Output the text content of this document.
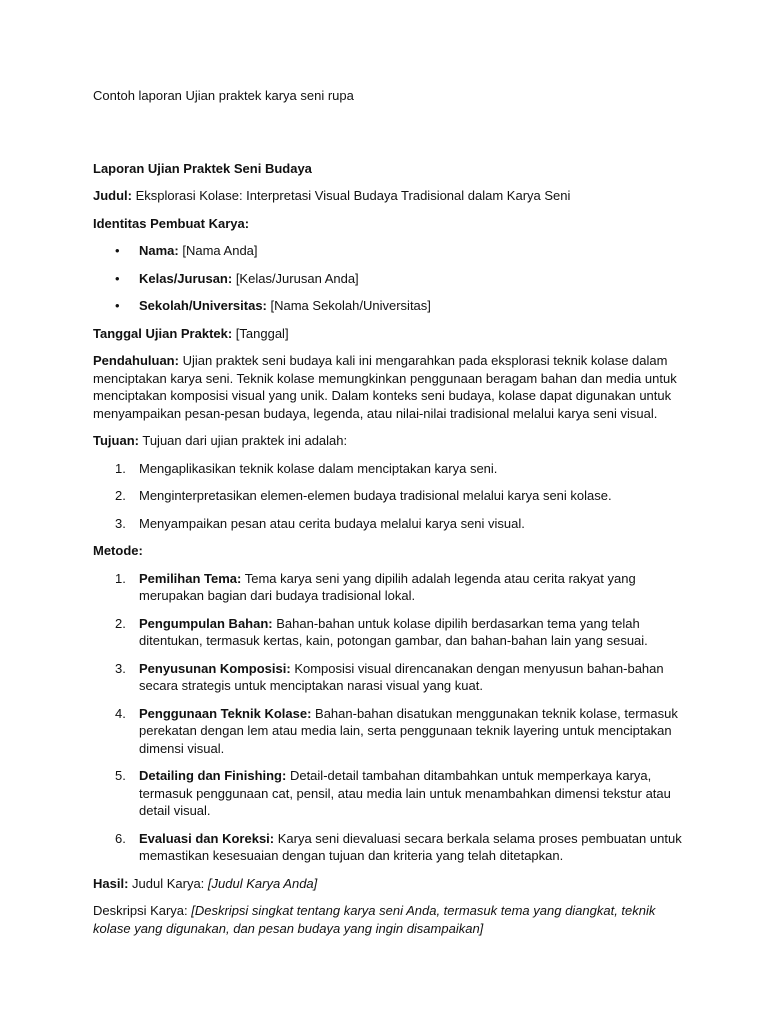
Contoh laporan Ujian praktek karya seni rupa

Laporan Ujian Praktek Seni Budaya

Judul: Eksplorasi Kolase: Interpretasi Visual Budaya Tradisional dalam Karya Seni

Identitas Pembuat Karya:

• Nama: [Nama Anda]
• Kelas/Jurusan: [Kelas/Jurusan Anda]
• Sekolah/Universitas: [Nama Sekolah/Universitas]

Tanggal Ujian Praktek: [Tanggal]

Pendahuluan: Ujian praktek seni budaya kali ini mengarahkan pada eksplorasi teknik kolase dalam menciptakan karya seni. Teknik kolase memungkinkan penggunaan beragam bahan dan media untuk menciptakan komposisi visual yang unik. Dalam konteks seni budaya, kolase dapat digunakan untuk menyampaikan pesan-pesan budaya, legenda, atau nilai-nilai tradisional melalui karya seni visual.

Tujuan: Tujuan dari ujian praktek ini adalah:

1. Mengaplikasikan teknik kolase dalam menciptakan karya seni.
2. Menginterpretasikan elemen-elemen budaya tradisional melalui karya seni kolase.
3. Menyampaikan pesan atau cerita budaya melalui karya seni visual.

Metode:

1. Pemilihan Tema: Tema karya seni yang dipilih adalah legenda atau cerita rakyat yang merupakan bagian dari budaya tradisional lokal.
2. Pengumpulan Bahan: Bahan-bahan untuk kolase dipilih berdasarkan tema yang telah ditentukan, termasuk kertas, kain, potongan gambar, dan bahan-bahan lain yang sesuai.
3. Penyusunan Komposisi: Komposisi visual direncanakan dengan menyusun bahan-bahan secara strategis untuk menciptakan narasi visual yang kuat.
4. Penggunaan Teknik Kolase: Bahan-bahan disatukan menggunakan teknik kolase, termasuk perekatan dengan lem atau media lain, serta penggunaan teknik layering untuk menciptakan dimensi visual.
5. Detailing dan Finishing: Detail-detail tambahan ditambahkan untuk memperkaya karya, termasuk penggunaan cat, pensil, atau media lain untuk menambahkan dimensi tekstur atau detail visual.
6. Evaluasi dan Koreksi: Karya seni dievaluasi secara berkala selama proses pembuatan untuk memastikan kesesuaian dengan tujuan dan kriteria yang telah ditetapkan.

Hasil: Judul Karya: [Judul Karya Anda]

Deskripsi Karya: [Deskripsi singkat tentang karya seni Anda, termasuk tema yang diangkat, teknik kolase yang digunakan, dan pesan budaya yang ingin disampaikan]
